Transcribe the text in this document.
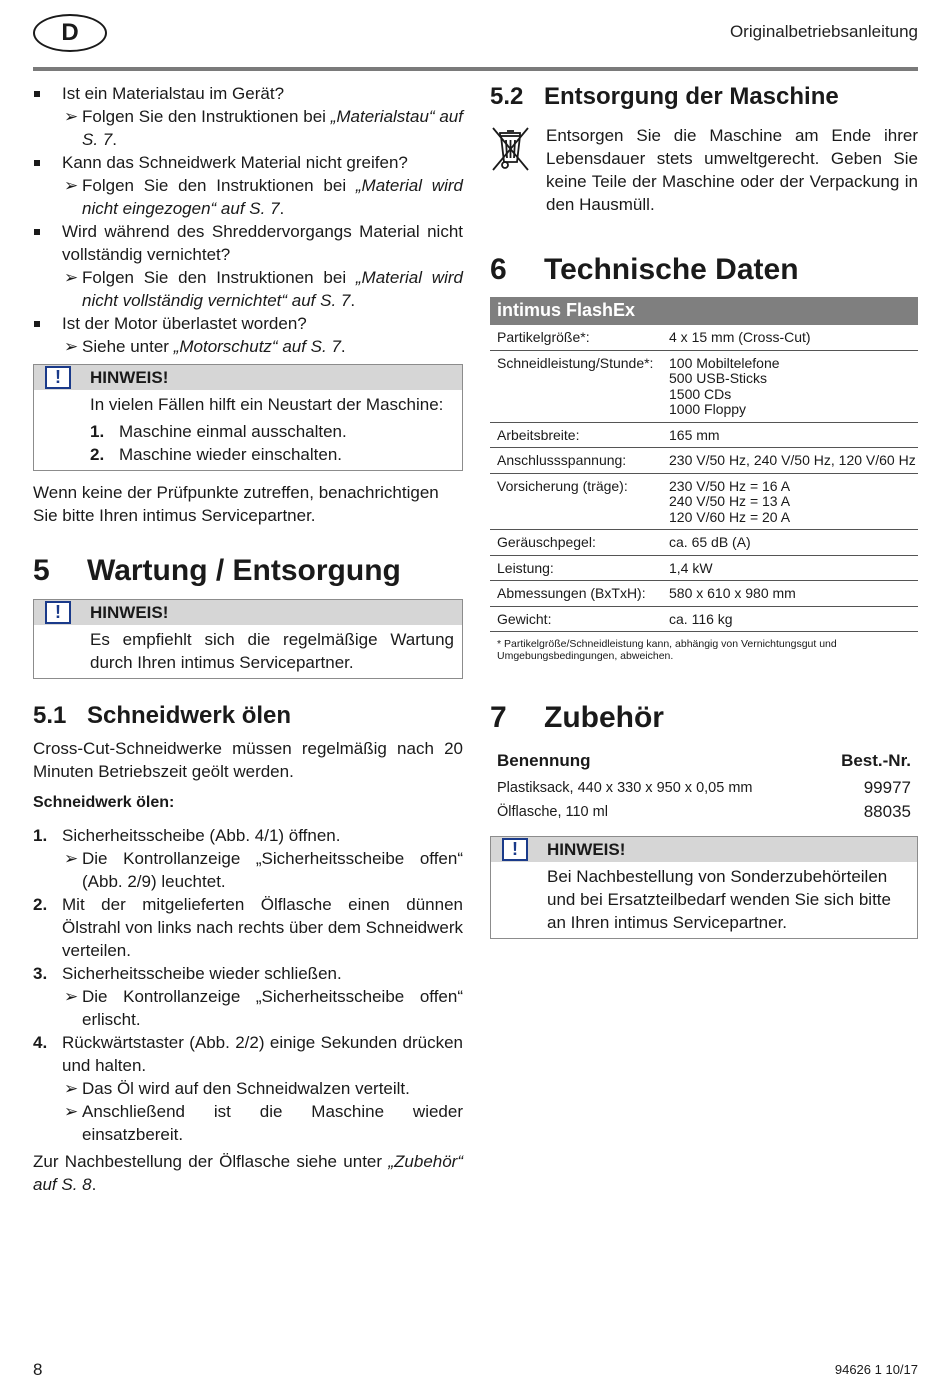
D	Originalbetriebsanleitung
Ist ein Materialstau im Gerät?
➢ Folgen Sie den Instruktionen bei „Materialstau“ auf S. 7.
Kann das Schneidwerk Material nicht greifen?
➢ Folgen Sie den Instruktionen bei „Material wird nicht eingezogen“ auf S. 7.
Wird während des Shreddervorgangs Material nicht vollständig vernichtet?
➢ Folgen Sie den Instruktionen bei „Material wird nicht vollständig vernichtet“ auf S. 7.
Ist der Motor überlastet worden?
➢ Siehe unter „Motorschutz“ auf S. 7.
!	HINWEIS!
In vielen Fällen hilft ein Neustart der Maschine:
1. Maschine einmal ausschalten.
2. Maschine wieder einschalten.
Wenn keine der Prüfpunkte zutreffen, benachrichtigen Sie bitte Ihren intimus Servicepartner.
5	Wartung / Entsorgung
!	HINWEIS!
Es empfiehlt sich die regelmäßige Wartung durch Ihren intimus Servicepartner.
5.1 Schneidwerk ölen
Cross-Cut-Schneidwerke müssen regelmäßig nach 20 Minuten Betriebszeit geölt werden.
Schneidwerk ölen:
1. Sicherheitsscheibe (Abb. 4/1) öffnen.
➢ Die Kontrollanzeige „Sicherheitsscheibe offen“ (Abb. 2/9) leuchtet.
2. Mit der mitgelieferten Ölflasche einen dünnen Ölstrahl von links nach rechts über dem Schneidwerk verteilen.
3. Sicherheitsscheibe wieder schließen.
➢ Die Kontrollanzeige „Sicherheitsscheibe offen“ erlischt.
4. Rückwärtstaster (Abb. 2/2) einige Sekunden drücken und halten.
➢ Das Öl wird auf den Schneidwalzen verteilt.
➢ Anschließend ist die Maschine wieder einsatzbereit.
Zur Nachbestellung der Ölflasche siehe unter „Zubehör“ auf S. 8.
5.2 Entsorgung der Maschine
Entsorgen Sie die Maschine am Ende ihrer Lebensdauer stets umweltgerecht. Geben Sie keine Teile der Maschine oder der Verpackung in den Hausmüll.
6	Technische Daten
intimus FlashEx
Partikelgröße*:	4 x 15 mm (Cross-Cut)
Schneidleistung/Stunde*:	100 Mobiltelefone
500 USB-Sticks
1500 CDs
1000 Floppy
Arbeitsbreite:	165 mm
Anschlussspannung:	230 V/50 Hz, 240 V/50 Hz, 120 V/60 Hz
Vorsicherung (träge):	230 V/50 Hz = 16 A
240 V/50 Hz = 13 A
120 V/60 Hz = 20 A
Geräuschpegel:	ca. 65 dB (A)
Leistung:	1,4 kW
Abmessungen (BxTxH):	580 x 610 x 980 mm
Gewicht:	ca. 116 kg
* Partikelgröße/Schneidleistung kann, abhängig von Vernichtungsgut und Umgebungsbedingungen, abweichen.
7	Zubehör
Benennung	Best.-Nr.
Plastiksack, 440 x 330 x 950 x 0,05 mm	99977
Ölflasche, 110 ml	88035
!	HINWEIS!
Bei Nachbestellung von Sonderzubehörteilen und bei Ersatzteilbedarf wenden Sie sich bitte an Ihren intimus Servicepartner.
8	94626 1 10/17
